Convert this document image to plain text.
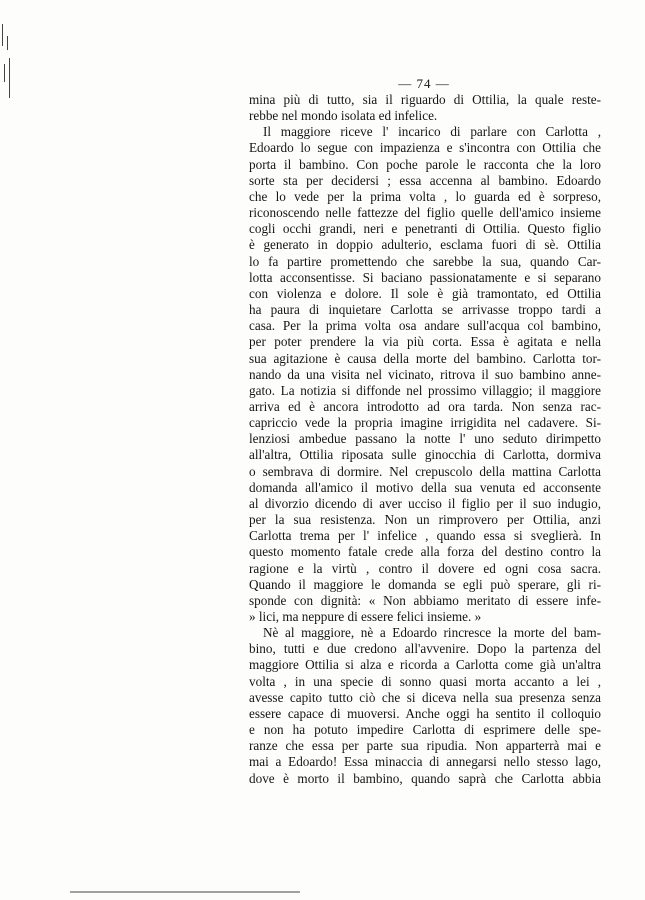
— 74 —
mina più di tutto, sia il riguardo di Ottilia, la quale reste-
rebbe nel mondo isolata ed infelice.
Il maggiore riceve l' incarico di parlare con Carlotta ,
Edoardo lo segue con impazienza e s'incontra con Ottilia che
porta il bambino. Con poche parole le racconta che la loro
sorte sta per decidersi ; essa accenna al bambino. Edoardo
che lo vede per la prima volta , lo guarda ed è sorpreso,
riconoscendo nelle fattezze del figlio quelle dell'amico insieme
cogli occhi grandi, neri e penetranti di Ottilia. Questo figlio
è generato in doppio adulterio, esclama fuori di sè. Ottilia
lo fa partire promettendo che sarebbe la sua, quando Car-
lotta acconsentisse. Si baciano passionatamente e si separano
con violenza e dolore. Il sole è già tramontato, ed Ottilia
ha paura di inquietare Carlotta se arrivasse troppo tardi a
casa. Per la prima volta osa andare sull'acqua col bambino,
per poter prendere la via più corta. Essa è agitata e nella
sua agitazione è causa della morte del bambino. Carlotta tor-
nando da una visita nel vicinato, ritrova il suo bambino anne-
gato. La notizia si diffonde nel prossimo villaggio; il maggiore
arriva ed è ancora introdotto ad ora tarda. Non senza rac-
capriccio vede la propria imagine irrigidita nel cadavere. Si-
lenziosi ambedue passano la notte l' uno seduto dirimpetto
all'altra, Ottilia riposata sulle ginocchia di Carlotta, dormiva
o sembrava di dormire. Nel crepuscolo della mattina Carlotta
domanda all'amico il motivo della sua venuta ed acconsente
al divorzio dicendo di aver ucciso il figlio per il suo indugio,
per la sua resistenza. Non un rimprovero per Ottilia, anzi
Carlotta trema per l' infelice , quando essa si sveglierà. In
questo momento fatale crede alla forza del destino contro la
ragione e la virtù , contro il dovere ed ogni cosa sacra.
Quando il maggiore le domanda se egli può sperare, gli ri-
sponde con dignità: « Non abbiamo meritato di essere infe-
» lici, ma neppure di essere felici insieme. »
Nè al maggiore, nè a Edoardo rincresce la morte del bam-
bino, tutti e due credono all'avvenire. Dopo la partenza del
maggiore Ottilia si alza e ricorda a Carlotta come già un'altra
volta , in una specie di sonno quasi morta accanto a lei ,
avesse capito tutto ciò che si diceva nella sua presenza senza
essere capace di muoversi. Anche oggi ha sentito il colloquio
e non ha potuto impedire Carlotta di esprimere delle spe-
ranze che essa per parte sua ripudia. Non apparterrà mai e
mai a Edoardo! Essa minaccia di annegarsi nello stesso lago,
dove è morto il bambino, quando saprà che Carlotta abbia
